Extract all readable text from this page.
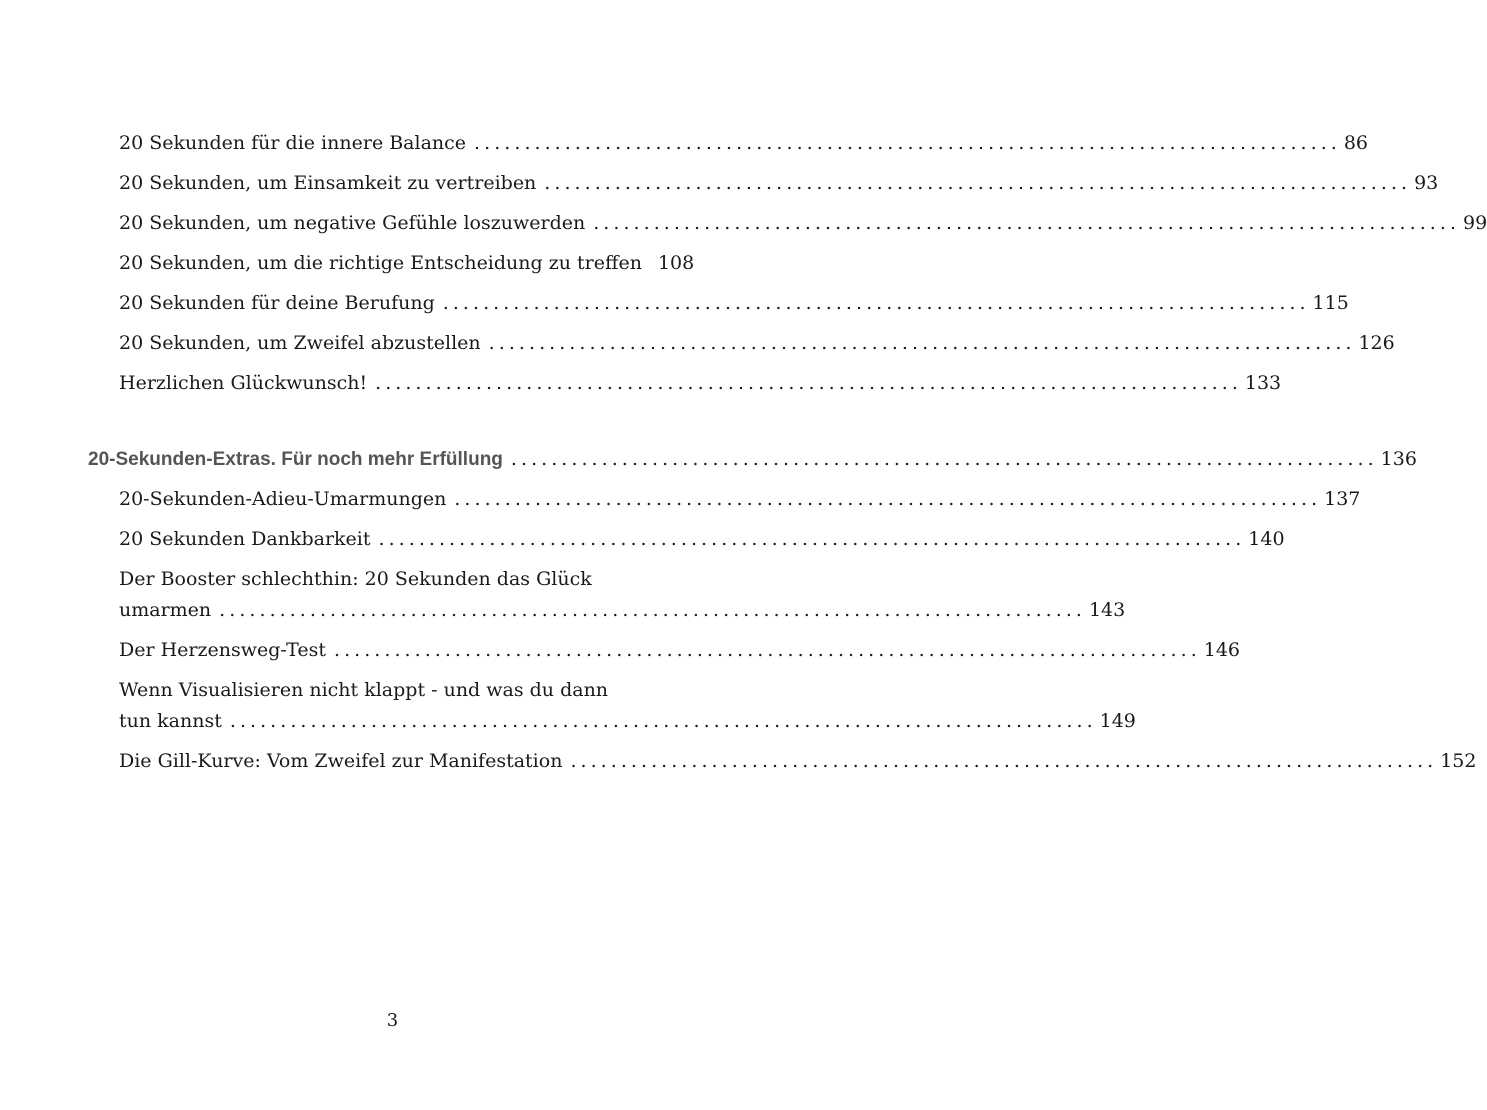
20 Sekunden für die innere Balance . . .	86
20 Sekunden, um Einsamkeit zu vertreiben . . .	93
20 Sekunden, um negative Gefühle loszuwerden . . .	99
20 Sekunden, um die richtige Entscheidung zu treffen 108
20 Sekunden für deine Berufung . . .	115
20 Sekunden, um Zweifel abzustellen . . .	126
Herzlichen Glückwunsch! . . .	133
20-Sekunden-Extras. Für noch mehr Erfüllung . . .	136
20-Sekunden-Adieu-Umarmungen . . .	137
20 Sekunden Dankbarkeit . . .	140
Der Booster schlechthin: 20 Sekunden das Glück
umarmen . . .	143
Der Herzensweg-Test . . .	146
Wenn Visualisieren nicht klappt - und was du dann
tun kannst . . .	149
Die Gill-Kurve: Vom Zweifel zur Manifestation . . .	152
3
